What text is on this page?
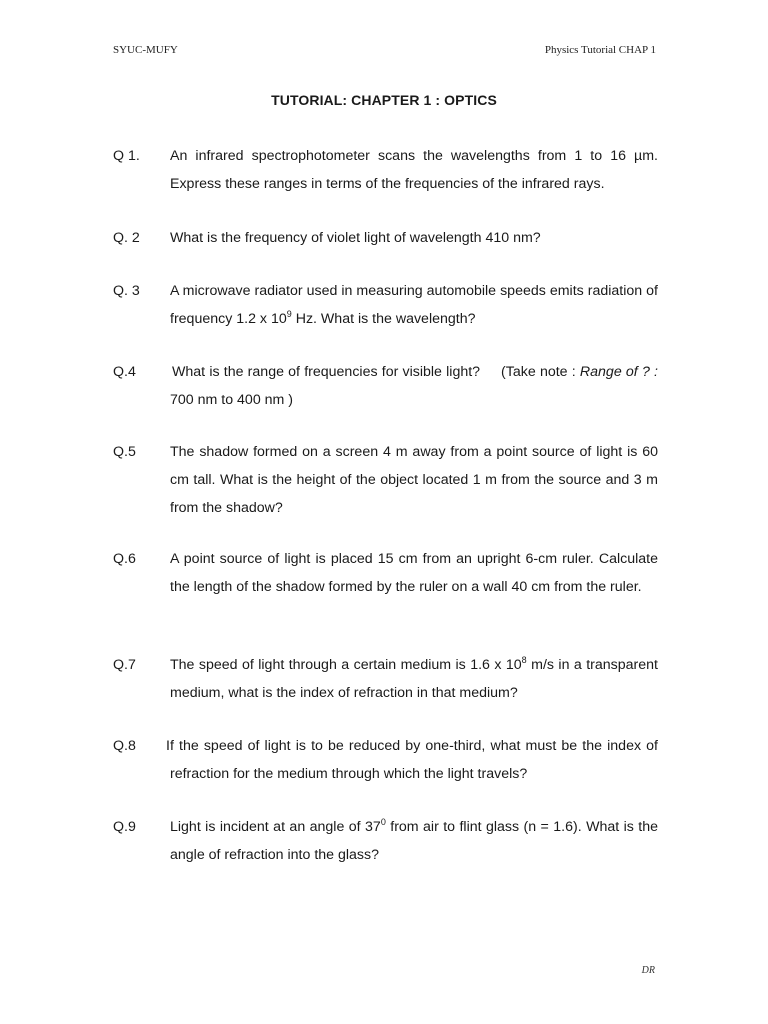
SYUC-MUFY	Physics Tutorial CHAP 1
TUTORIAL: CHAPTER 1 : OPTICS
Q 1. An infrared spectrophotometer scans the wavelengths from 1 to 16 µm. Express these ranges in terms of the frequencies of the infrared rays.
Q. 2 What is the frequency of violet light of wavelength 410 nm?
Q. 3 A microwave radiator used in measuring automobile speeds emits radiation of frequency 1.2 x $10^9$ Hz. What is the wavelength?
Q.4	What is the range of frequencies for visible light?     (Take note : Range of ? :  700 nm to 400 nm )
Q.5 The shadow formed on a screen 4 m away from a point source of light is 60 cm tall. What is the height of the object located 1 m from the source and 3 m from the shadow?
Q.6 A point source of light is placed 15 cm from an upright 6-cm ruler. Calculate the length of the shadow formed by the ruler on a wall 40 cm from the ruler.
Q.7 The speed of light through a certain medium is 1.6 x $10^8$ m/s in a transparent medium, what is the index of refraction in that medium?
Q.8 If the speed of light is to be reduced by one-third, what must be the index of refraction for the medium through which the light travels?
Q.9 Light is incident at an angle of $37^0$ from air to flint glass (n = 1.6). What is the angle of refraction into the glass?
DR
